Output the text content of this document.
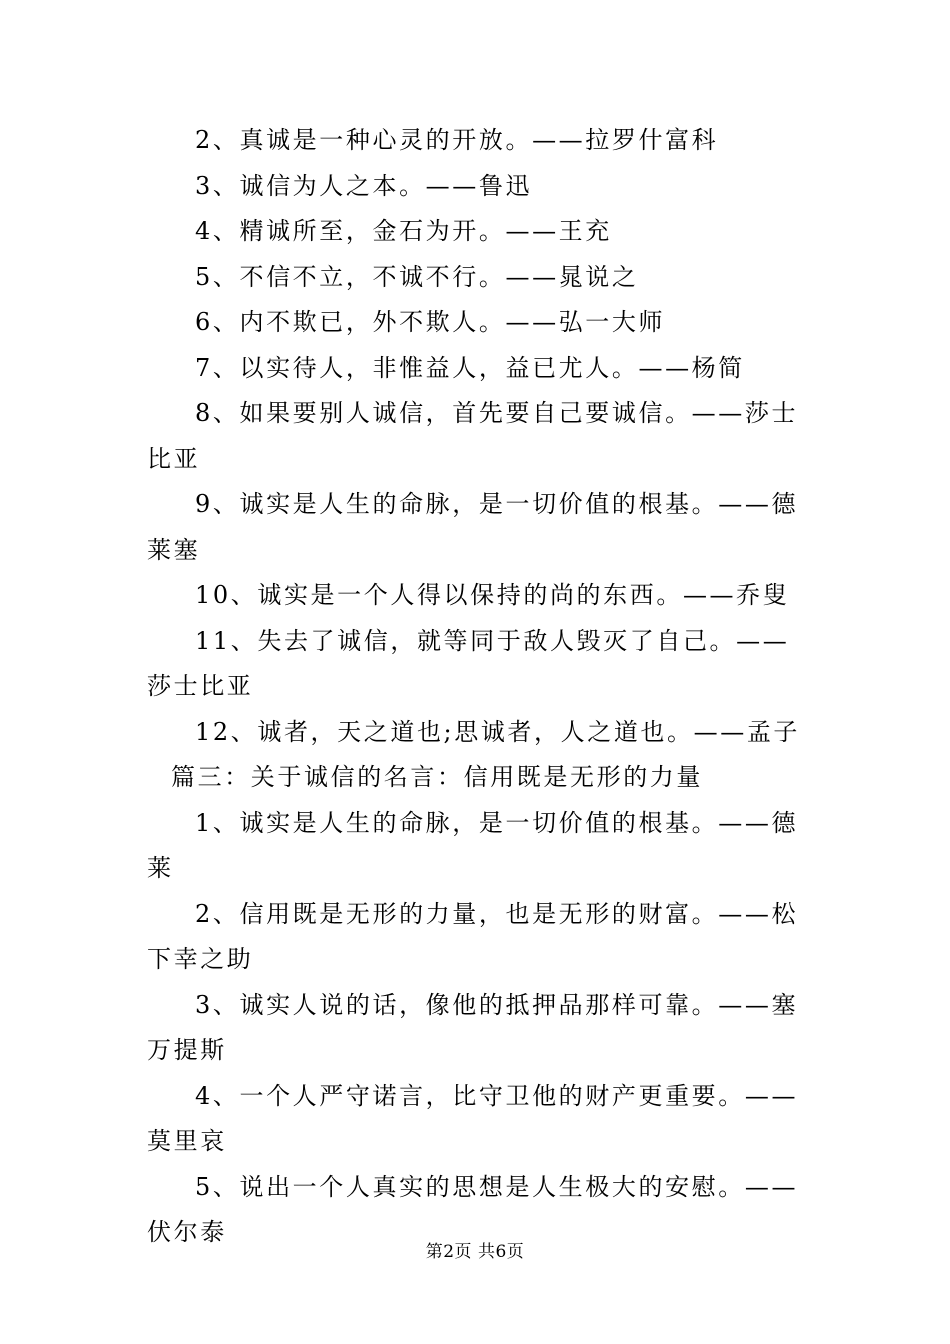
2、真诚是一种心灵的开放。——拉罗什富科

3、诚信为人之本。——鲁迅

4、精诚所至，金石为开。——王充

5、不信不立，不诚不行。——晁说之

6、内不欺已，外不欺人。——弘一大师

7、以实待人，非惟益人，益已尤人。——杨简

8、如果要别人诚信，首先要自己要诚信。——莎士比亚

9、诚实是人生的命脉，是一切价值的根基。——德莱塞

10、诚实是一个人得以保持的尚的东西。——乔叟

11、失去了诚信，就等同于敌人毁灭了自己。——莎士比亚

12、诚者，天之道也;思诚者，人之道也。——孟子

篇三：关于诚信的名言：信用既是无形的力量

1、诚实是人生的命脉，是一切价值的根基。——德莱

2、信用既是无形的力量，也是无形的财富。——松下幸之助

3、诚实人说的话，像他的抵押品那样可靠。——塞万提斯

4、一个人严守诺言，比守卫他的财产更重要。——莫里哀

5、说出一个人真实的思想是人生极大的安慰。——伏尔泰

第2页 共6页
